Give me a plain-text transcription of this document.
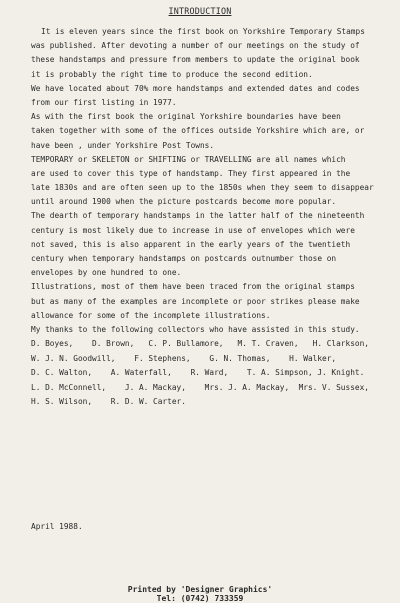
INTRODUCTION
It is eleven years since the first book on Yorkshire Temporary Stamps
was published. After devoting a number of our meetings on the study of
these handstamps and pressure from members to update the original book
it is probably the right time to produce the second edition.
We have located about 70% more handstamps and extended dates and codes
from our first listing in 1977.
As with the first book the original Yorkshire boundaries have been
taken together with some of the offices outside Yorkshire which are, or
have been , under Yorkshire Post Towns.
TEMPORARY or SKELETON or SHIFTING or TRAVELLING are all names which
are used to cover this type of handstamp. They first appeared in the
late 1830s and are often seen up to the 1850s when they seem to disappear
until around 1900 when the picture postcards become more popular.
The dearth of temporary handstamps in the latter half of the nineteenth
century is most likely due to increase in use of envelopes which were
not saved, this is also apparent in the early years of the twentieth
century when temporary handstamps on postcards outnumber those on
envelopes by one hundred to one.
Illustrations, most of them have been traced from the original stamps
but as many of the examples are incomplete or poor strikes please make
allowance for some of the incomplete illustrations.
My thanks to the following collectors who have assisted in this study.
D. Boyes,    D. Brown,   C. P. Bullamore,   M. T. Craven,   H. Clarkson,
W. J. N. Goodwill,    F. Stephens,    G. N. Thomas,    H. Walker,
D. C. Walton,    A. Waterfall,    R. Ward,    T. A. Simpson, J. Knight.
L. D. McConnell,    J. A. Mackay,    Mrs. J. A. Mackay,  Mrs. V. Sussex,
H. S. Wilson,    R. D. W. Carter.
April 1988.
Printed by 'Designer Graphics'
Tel: (0742) 733359
